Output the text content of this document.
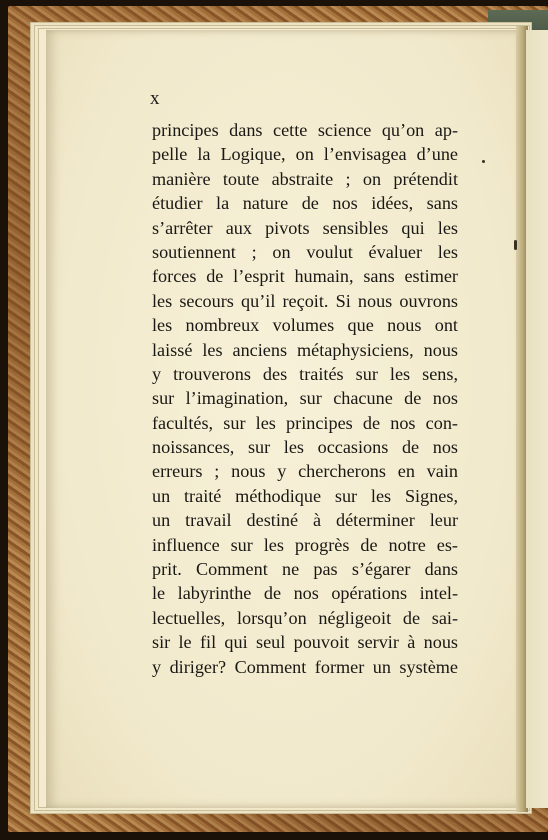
x
principes dans cette science qu’on ap-
pelle la Logique, on l’envisagea d’une
manière toute abstraite ; on prétendit
étudier la nature de nos idées, sans
s’arrêter aux pivots sensibles qui les
soutiennent ; on voulut évaluer les
forces de l’esprit humain, sans estimer
les secours qu’il reçoit. Si nous ouvrons
les nombreux volumes que nous ont
laissé les anciens métaphysiciens, nous
y trouverons des traités sur les sens,
sur l’imagination, sur chacune de nos
facultés, sur les principes de nos con-
noissances, sur les occasions de nos
erreurs ; nous y chercherons en vain
un traité méthodique sur les Signes,
un travail destiné à déterminer leur
influence sur les progrès de notre es-
prit. Comment ne pas s’égarer dans
le labyrinthe de nos opérations intel-
lectuelles, lorsqu’on négligeoit de sai-
sir le fil qui seul pouvoit servir à nous
y diriger? Comment former un système
